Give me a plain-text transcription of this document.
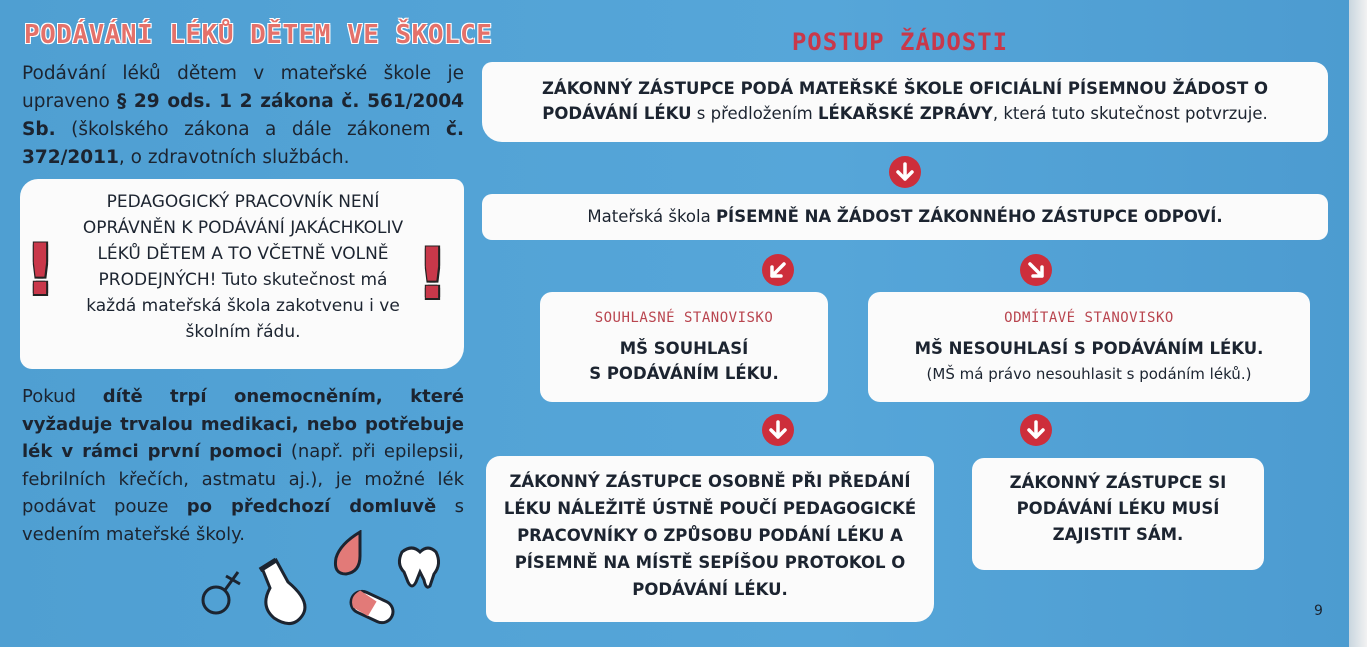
PODÁVÁNÍ LÉKŮ DĚTEM VE ŠKOLCE
Podávání léků dětem v mateřské škole je upraveno § 29 ods. 1 2 zákona č. 561/2004 Sb. (školského zákona a dále zákonem č. 372/2011, o zdravotních službách.
!
PEDAGOGICKÝ PRACOVNÍK NENÍ OPRÁVNĚN K PODÁVÁNÍ JAKÁCHKOLIV LÉKŮ DĚTEM A TO VČETNĚ VOLNĚ PRODEJNÝCH! Tuto skutečnost má každá mateřská škola zakotvenu i ve školním řádu.
!
Pokud dítě trpí onemocněním, které vyžaduje trvalou medikaci, nebo potřebuje lék v rámci první pomoci (např. při epilepsii, febrilních křečích, astmatu aj.), je možné lék podávat pouze po předchozí domluvě s vedením mateřské školy.
POSTUP ŽÁDOSTI
ZÁKONNÝ ZÁSTUPCE PODÁ MATEŘSKÉ ŠKOLE OFICIÁLNÍ PÍSEMNOU ŽÁDOST O PODÁVÁNÍ LÉKU s předložením LÉKAŘSKÉ ZPRÁVY, která tuto skutečnost potvrzuje.
Mateřská škola PÍSEMNĚ NA ŽÁDOST ZÁKONNÉHO ZÁSTUPCE ODPOVÍ.
SOUHLASNÉ STANOVISKO
MŠ SOUHLASÍ
S PODÁVÁNÍM LÉKU.
ODMÍTAVÉ STANOVISKO
MŠ NESOUHLASÍ S PODÁVÁNÍM LÉKU.
(MŠ má právo nesouhlasit s podáním léků.)
ZÁKONNÝ ZÁSTUPCE OSOBNĚ PŘI PŘEDÁNÍ LÉKU NÁLEŽITĚ ÚSTNĚ POUČÍ PEDAGOGICKÉ PRACOVNÍKY O ZPŮSOBU PODÁNÍ LÉKU A PÍSEMNĚ NA MÍSTĚ SEPÍŠOU PROTOKOL O PODÁVÁNÍ LÉKU.
ZÁKONNÝ ZÁSTUPCE SI PODÁVÁNÍ LÉKU MUSÍ ZAJISTIT SÁM.
9
